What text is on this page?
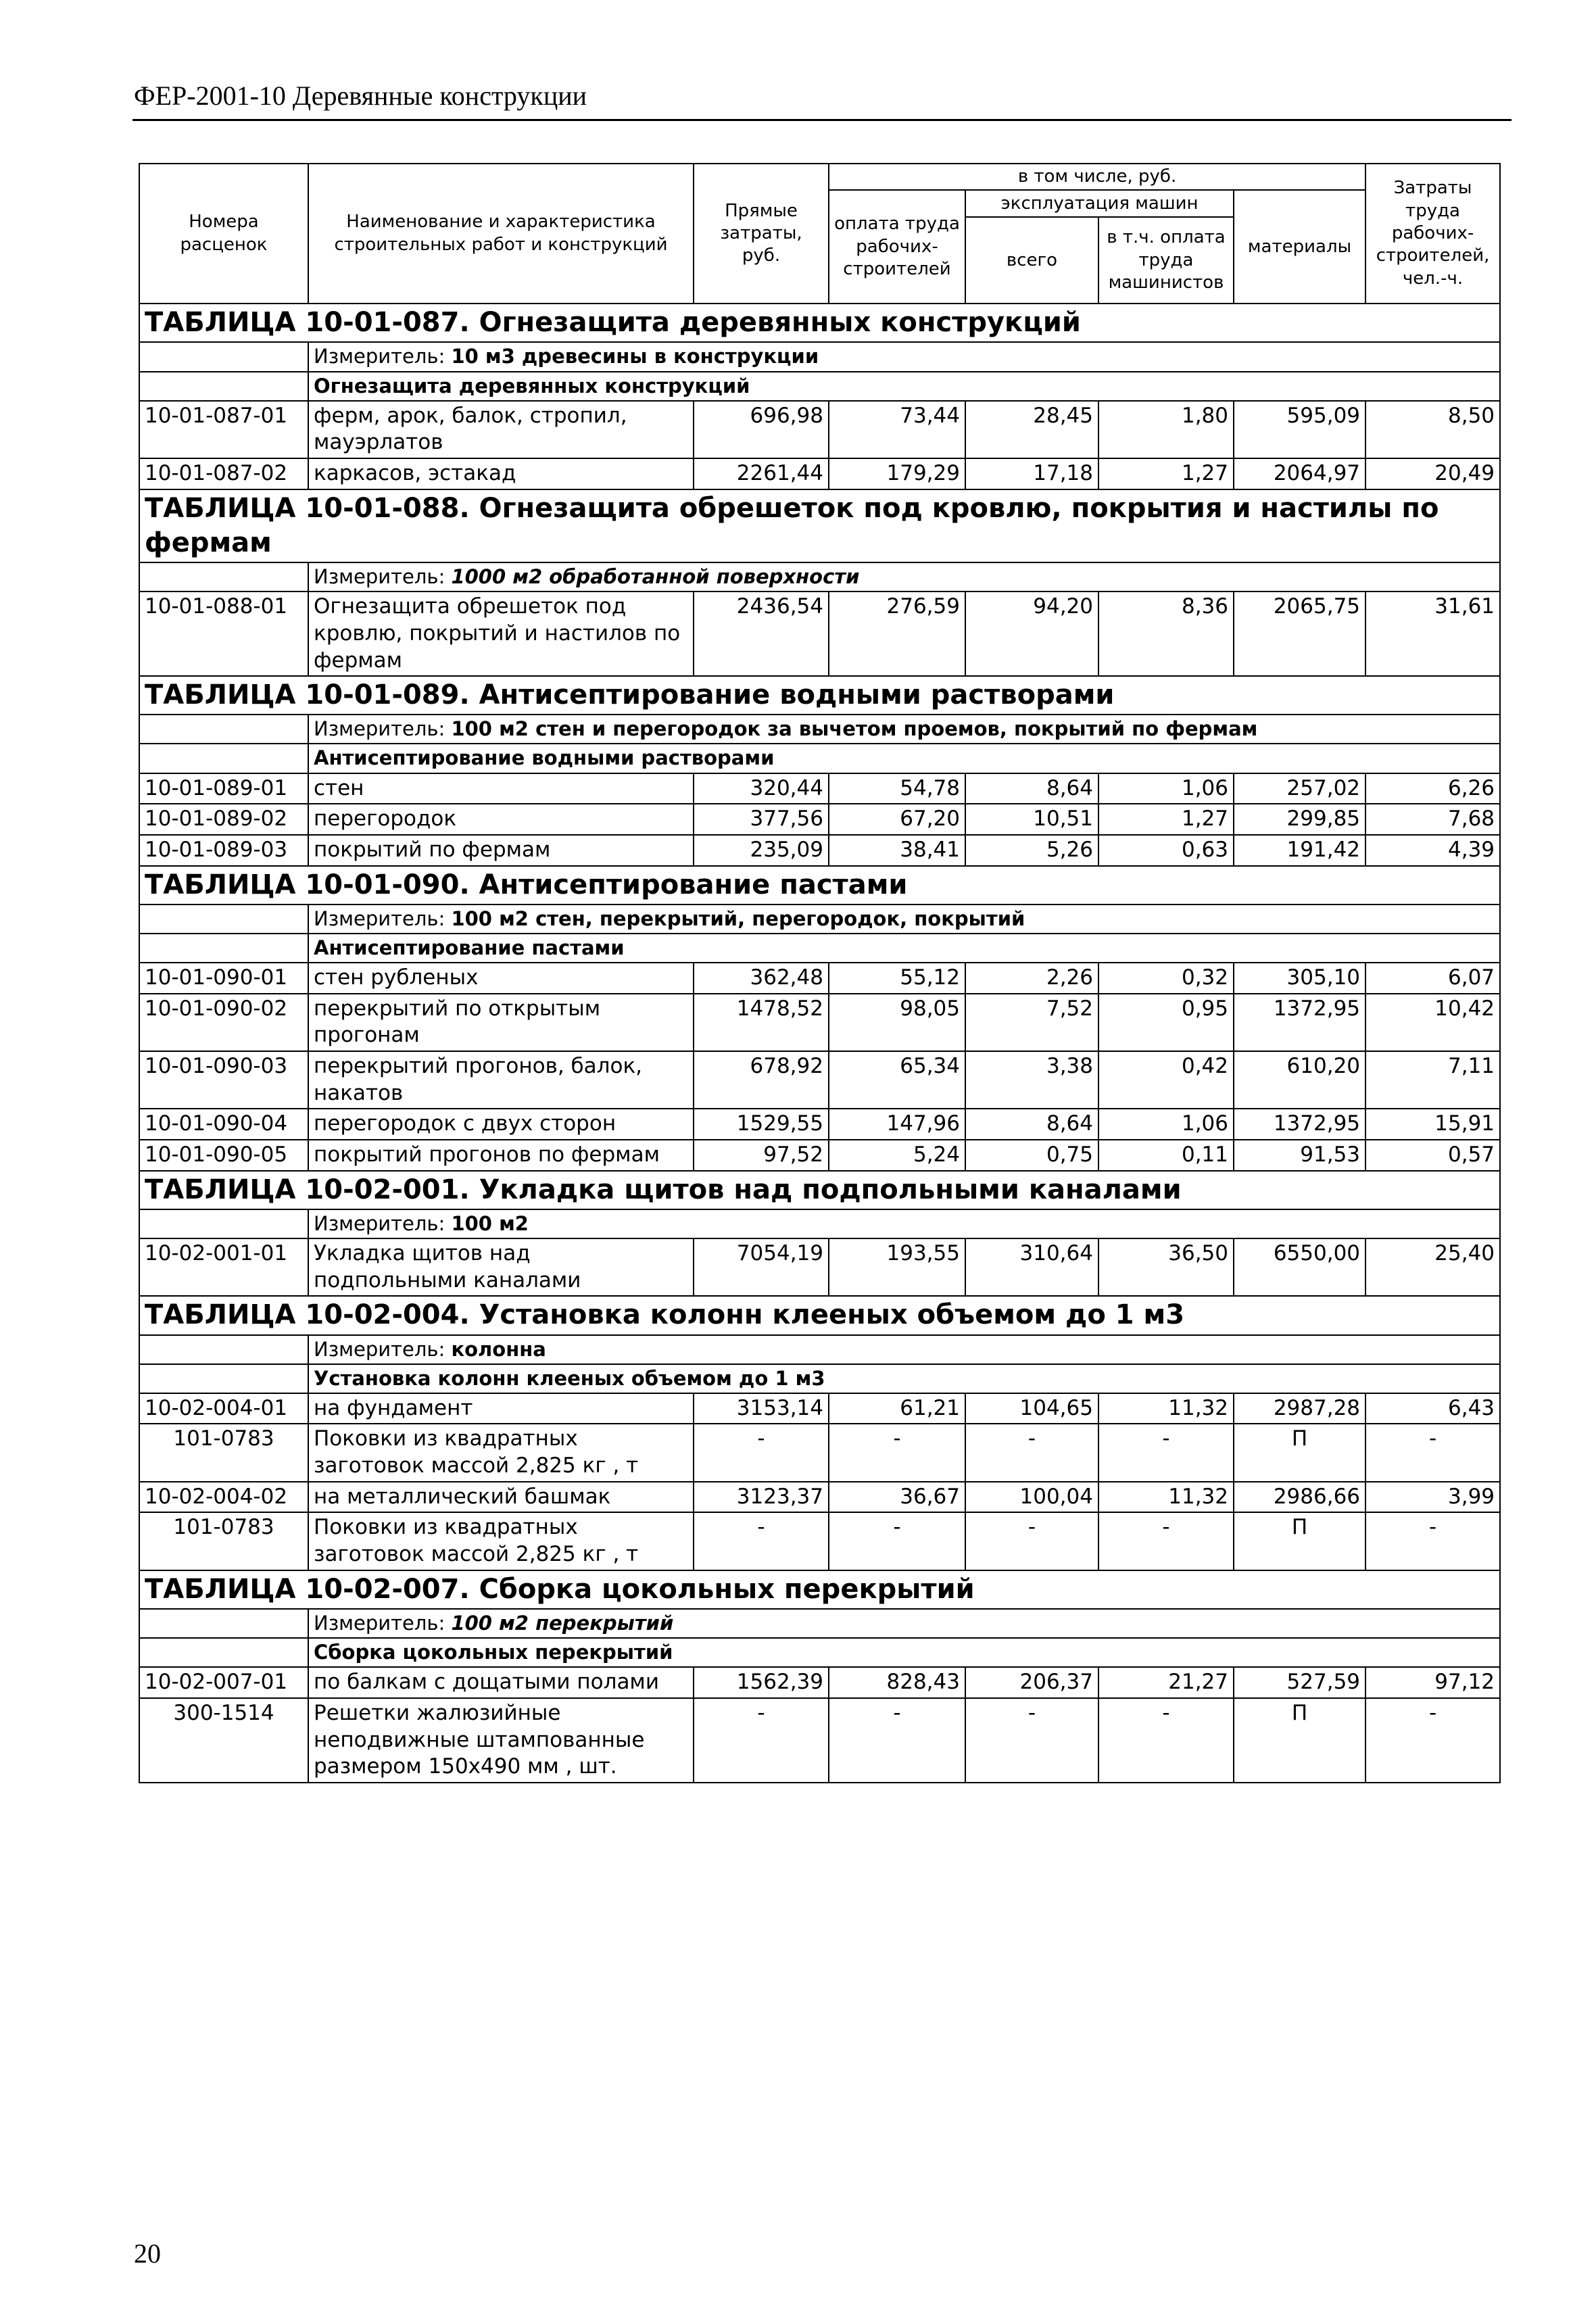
ФЕР-2001-10 Деревянные конструкции
Номера расценок	Наименование и характеристика строительных работ и конструкций	Прямые затраты, руб.	в том числе, руб.				Затраты труда рабочих-строителей, чел.-ч.
			оплата труда рабочих-строителей	эксплуатация машин		материалы	
				всего	в т.ч. оплата труда машинистов		
ТАБЛИЦА 10-01-087. Огнезащита деревянных конструкций							
	Измеритель: 10 м3 древесины в конструкции						
	Огнезащита деревянных конструкций						
10-01-087-01	ферм, арок, балок, стропил, мауэрлатов	696,98	73,44	28,45	1,80	595,09	8,50
10-01-087-02	каркасов, эстакад	2261,44	179,29	17,18	1,27	2064,97	20,49
ТАБЛИЦА 10-01-088. Огнезащита обрешеток под кровлю, покрытия и настилы по фермам							
	Измеритель: 1000 м2 обработанной поверхности						
10-01-088-01	Огнезащита обрешеток под кровлю, покрытий и настилов по фермам	2436,54	276,59	94,20	8,36	2065,75	31,61
ТАБЛИЦА 10-01-089. Антисептирование водными растворами							
	Измеритель: 100 м2 стен и перегородок за вычетом проемов, покрытий по фермам						
	Антисептирование водными растворами						
10-01-089-01	стен	320,44	54,78	8,64	1,06	257,02	6,26
10-01-089-02	перегородок	377,56	67,20	10,51	1,27	299,85	7,68
10-01-089-03	покрытий по фермам	235,09	38,41	5,26	0,63	191,42	4,39
ТАБЛИЦА 10-01-090. Антисептирование пастами							
	Измеритель: 100 м2 стен, перекрытий, перегородок, покрытий						
	Антисептирование пастами						
10-01-090-01	стен рубленых	362,48	55,12	2,26	0,32	305,10	6,07
10-01-090-02	перекрытий по открытым прогонам	1478,52	98,05	7,52	0,95	1372,95	10,42
10-01-090-03	перекрытий прогонов, балок, накатов	678,92	65,34	3,38	0,42	610,20	7,11
10-01-090-04	перегородок с двух сторон	1529,55	147,96	8,64	1,06	1372,95	15,91
10-01-090-05	покрытий прогонов по фермам	97,52	5,24	0,75	0,11	91,53	0,57
ТАБЛИЦА 10-02-001. Укладка щитов над подпольными каналами							
	Измеритель: 100 м2						
10-02-001-01	Укладка щитов над подпольными каналами	7054,19	193,55	310,64	36,50	6550,00	25,40
ТАБЛИЦА 10-02-004. Установка колонн клееных объемом до 1 м3							
	Измеритель: колонна						
	Установка колонн клееных объемом до 1 м3						
10-02-004-01	на фундамент	3153,14	61,21	104,65	11,32	2987,28	6,43
101-0783	Поковки из квадратных заготовок массой 2,825 кг , т	-	-	-	-	П	-
10-02-004-02	на металлический башмак	3123,37	36,67	100,04	11,32	2986,66	3,99
101-0783	Поковки из квадратных заготовок массой 2,825 кг , т	-	-	-	-	П	-
ТАБЛИЦА 10-02-007. Сборка цокольных перекрытий							
	Измеритель: 100 м2 перекрытий						
	Сборка цокольных перекрытий						
10-02-007-01	по балкам с дощатыми полами	1562,39	828,43	206,37	21,27	527,59	97,12
300-1514	Решетки жалюзийные неподвижные штампованные размером 150х490 мм , шт.	-	-	-	-	П	-
20
